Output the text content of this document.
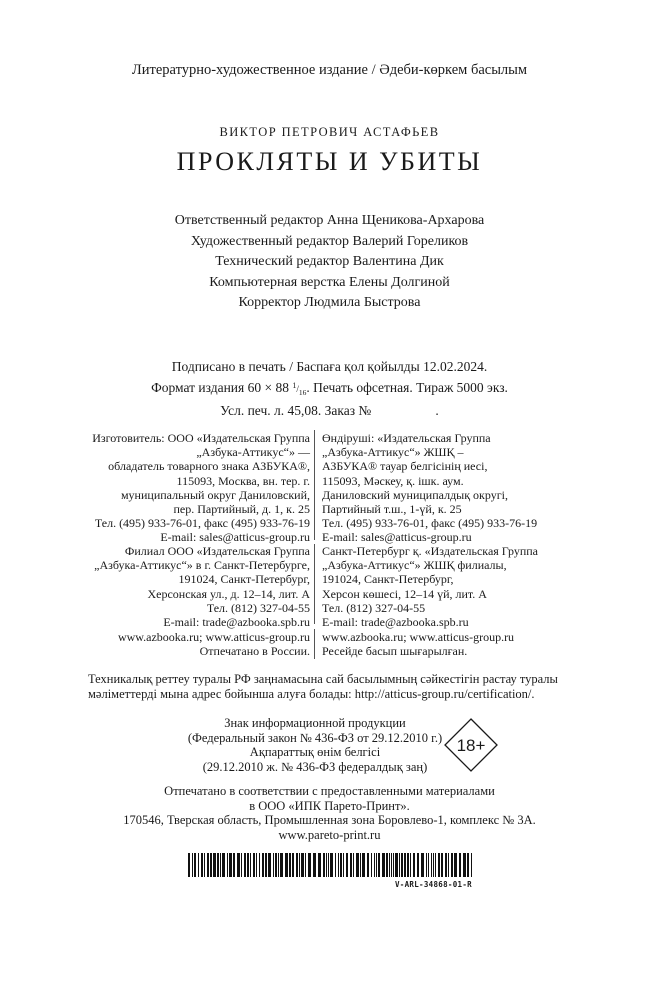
Литературно-художественное издание / Әдеби-көркем басылым
ВИКТОР ПЕТРОВИЧ АСТАФЬЕВ
ПРОКЛЯТЫ И УБИТЫ
Ответственный редактор Анна Щеникова-Архарова
Художественный редактор Валерий Гореликов
Технический редактор Валентина Дик
Компьютерная верстка Елены Долгиной
Корректор Людмила Быстрова
Подписано в печать / Баспаға қол қойылды 12.02.2024.
Формат издания 60 × 88 $^1/_{16}$. Печать офсетная. Тираж 5000 экз.
Усл. печ. л. 45,08. Заказ №                   .
Изготовитель: ООО «Издательская Группа
„Азбука-Аттикус“» —
обладатель товарного знака АЗБУКА®,
115093, Москва, вн. тер. г.
муниципальный округ Даниловский,
пер. Партийный, д. 1, к. 25
Тел. (495) 933-76-01, факс (495) 933-76-19
E-mail: sales@atticus-group.ru
Өндіруші: «Издательская Группа
„Азбука-Аттикус“» ЖШҚ –
АЗБУКА® тауар белгісінің иесі,
115093, Мәскеу, қ. ішк. аум.
Даниловский муниципалдық округі,
Партийный т.ш., 1-үй, к. 25
Тел. (495) 933-76-01, факс (495) 933-76-19
E-mail: sales@atticus-group.ru
Филиал ООО «Издательская Группа
„Азбука-Аттикус“» в г. Санкт-Петербурге,
191024, Санкт-Петербург,
Херсонская ул., д. 12–14, лит. А
Тел. (812) 327-04-55
E-mail: trade@azbooka.spb.ru
Санкт-Петербург қ. «Издательская Группа
„Азбука-Аттикус“» ЖШҚ филиалы,
191024, Санкт-Петербург,
Херсон көшесі, 12–14 үй, лит. А
Тел. (812) 327-04-55
E-mail: trade@azbooka.spb.ru
www.azbooka.ru; www.atticus-group.ru
Отпечатано в России.
www.azbooka.ru; www.atticus-group.ru
Ресейде басып шығарылған.
Техникалық реттеу туралы РФ заңнамасына сай басылымның сәйкестігін растау туралы
мәліметтерді мына адрес бойынша алуға болады: http://atticus-group.ru/certification/.
Знак информационной продукции
(Федеральный закон № 436-ФЗ от 29.12.2010 г.)
Ақпараттық өнім белгісі
(29.12.2010 ж. № 436-ФЗ федералдық заң)
18+
Отпечатано в соответствии с предоставленными материалами
в ООО «ИПК Парето-Принт».
170546, Тверская область, Промышленная зона Боровлево-1, комплекс № 3А.
www.pareto-print.ru
V-ARL-34868-01-R
